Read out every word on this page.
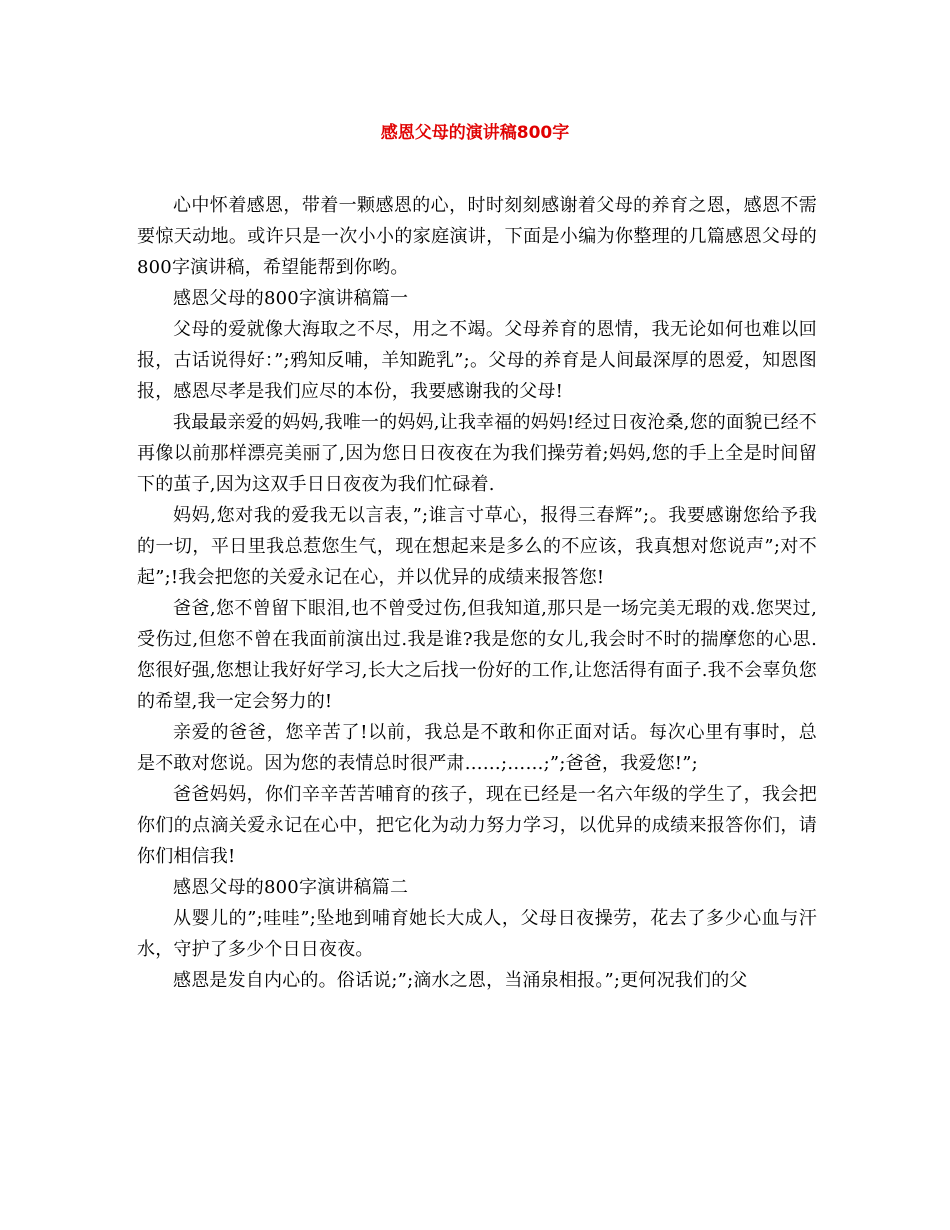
感恩父母的演讲稿800字

心中怀着感恩，带着一颗感恩的心，时时刻刻感谢着父母的养育之恩，感恩不需要惊天动地。或许只是一次小小的家庭演讲，下面是小编为你整理的几篇感恩父母的800字演讲稿，希望能帮到你哟。

感恩父母的800字演讲稿篇一

父母的爱就像大海取之不尽，用之不竭。父母养育的恩情，我无论如何也难以回报，古话说得好：”;鸦知反哺，羊知跪乳”;。父母的养育是人间最深厚的恩爱，知恩图报，感恩尽孝是我们应尽的本份，我要感谢我的父母!

我最最亲爱的妈妈,我唯一的妈妈,让我幸福的妈妈!经过日夜沧桑,您的面貌已经不再像以前那样漂亮美丽了,因为您日日夜夜在为我们操劳着;妈妈,您的手上全是时间留下的茧子,因为这双手日日夜夜为我们忙碌着.

妈妈,您对我的爱我无以言表，”;谁言寸草心，报得三春辉”;。我要感谢您给予我的一切，平日里我总惹您生气，现在想起来是多么的不应该，我真想对您说声”;对不起”;!我会把您的关爱永记在心，并以优异的成绩来报答您!

爸爸,您不曾留下眼泪,也不曾受过伤,但我知道,那只是一场完美无瑕的戏.您哭过,受伤过,但您不曾在我面前演出过.我是谁?我是您的女儿,我会时不时的揣摩您的心思.您很好强,您想让我好好学习,长大之后找一份好的工作,让您活得有面子.我不会辜负您的希望,我一定会努力的!

亲爱的爸爸，您辛苦了!以前，我总是不敢和你正面对话。每次心里有事时，总是不敢对您说。因为您的表情总时很严肃……;……;”;爸爸，我爱您!”;

爸爸妈妈，你们辛辛苦苦哺育的孩子，现在已经是一名六年级的学生了，我会把你们的点滴关爱永记在心中，把它化为动力努力学习，以优异的成绩来报答你们，请你们相信我!

感恩父母的800字演讲稿篇二

从婴儿的”;哇哇”;坠地到哺育她长大成人，父母日夜操劳，花去了多少心血与汗水，守护了多少个日日夜夜。

感恩是发自内心的。俗话说;”;滴水之恩，当涌泉相报。”;更何况我们的父
